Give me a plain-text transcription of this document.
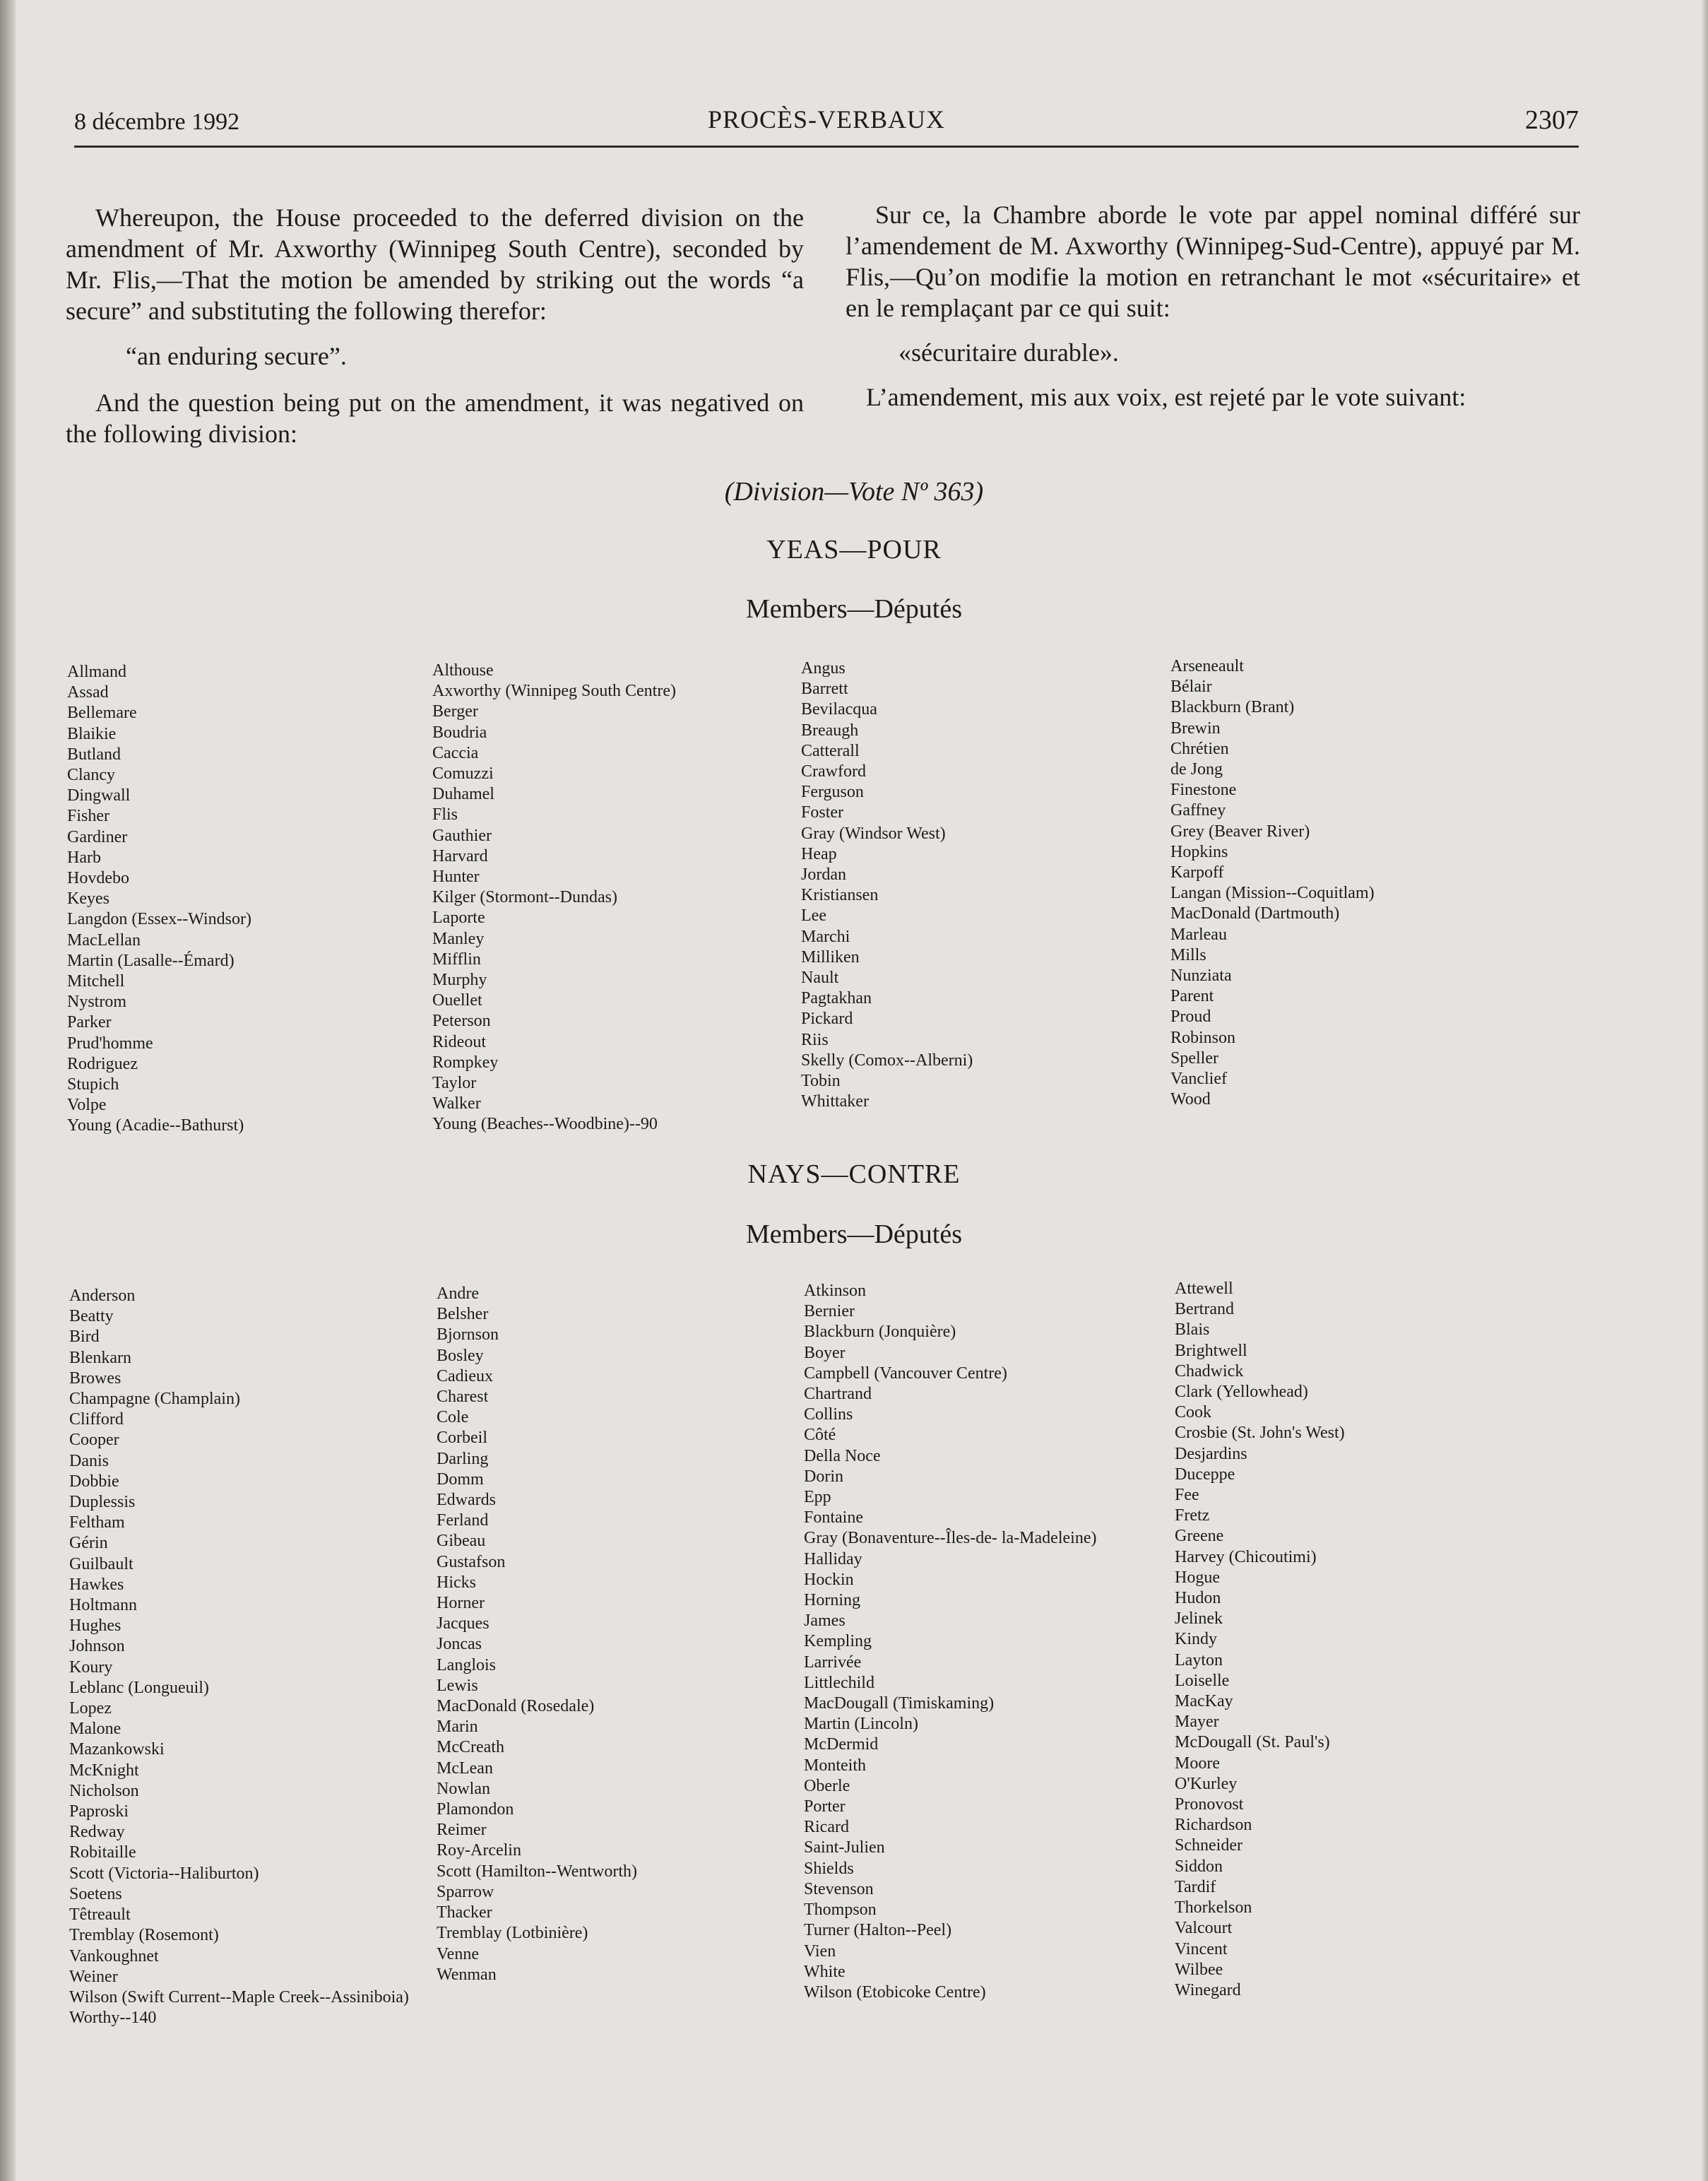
8 décembre 1992	PROCÈS-VERBAUX	2307

Whereupon, the House proceeded to the deferred division on the amendment of Mr. Axworthy (Winnipeg South Centre), seconded by Mr. Flis,—That the motion be amended by striking out the words “a secure” and substituting the following therefor:

“an enduring secure”.
And the question being put on the amendment, it was negatived on the following division:

Sur ce, la Chambre aborde le vote par appel nominal différé sur l’amendement de M. Axworthy (Winnipeg-Sud-Centre), appuyé par M. Flis,—Qu’on modifie la motion en retranchant le mot «sécuritaire» et en le remplaçant par ce qui suit:

«sécuritaire durable».
L’amendement, mis aux voix, est rejeté par le vote suivant:
(Division—Vote Nº 363)
YEAS—POUR
Members—Députés
Allmand
Assad
Bellemare
Blaikie
Butland
Clancy
Dingwall
Fisher
Gardiner
Harb
Hovdebo
Keyes
Langdon (Essex--Windsor)
MacLellan
Martin (Lasalle--Émard)
Mitchell
Nystrom
Parker
Prud'homme
Rodriguez
Stupich
Volpe
Young (Acadie--Bathurst)
Althouse
Axworthy (Winnipeg South Centre)
Berger
Boudria
Caccia
Comuzzi
Duhamel
Flis
Gauthier
Harvard
Hunter
Kilger (Stormont--Dundas)
Laporte
Manley
Mifflin
Murphy
Ouellet
Peterson
Rideout
Rompkey
Taylor
Walker
Young (Beaches--Woodbine)--90
Angus
Barrett
Bevilacqua
Breaugh
Catterall
Crawford
Ferguson
Foster
Gray (Windsor West)
Heap
Jordan
Kristiansen
Lee
Marchi
Milliken
Nault
Pagtakhan
Pickard
Riis
Skelly (Comox--Alberni)
Tobin
Whittaker
Arseneault
Bélair
Blackburn (Brant)
Brewin
Chrétien
de Jong
Finestone
Gaffney
Grey (Beaver River)
Hopkins
Karpoff
Langan (Mission--Coquitlam)
MacDonald (Dartmouth)
Marleau
Mills
Nunziata
Parent
Proud
Robinson
Speller
Vanclief
Wood
NAYS—CONTRE
Members—Députés
Anderson
Beatty
Bird
Blenkarn
Browes
Champagne (Champlain)
Clifford
Cooper
Danis
Dobbie
Duplessis
Feltham
Gérin
Guilbault
Hawkes
Holtmann
Hughes
Johnson
Koury
Leblanc (Longueuil)
Lopez
Malone
Mazankowski
McKnight
Nicholson
Paproski
Redway
Robitaille
Scott (Victoria--Haliburton)
Soetens
Têtreault
Tremblay (Rosemont)
Vankoughnet
Weiner
Wilson (Swift Current--Maple Creek--Assiniboia)
Worthy--140
Andre
Belsher
Bjornson
Bosley
Cadieux
Charest
Cole
Corbeil
Darling
Domm
Edwards
Ferland
Gibeau
Gustafson
Hicks
Horner
Jacques
Joncas
Langlois
Lewis
MacDonald (Rosedale)
Marin
McCreath
McLean
Nowlan
Plamondon
Reimer
Roy-Arcelin
Scott (Hamilton--Wentworth)
Sparrow
Thacker
Tremblay (Lotbinière)
Venne
Wenman
Atkinson
Bernier
Blackburn (Jonquière)
Boyer
Campbell (Vancouver Centre)
Chartrand
Collins
Côté
Della Noce
Dorin
Epp
Fontaine
Gray (Bonaventure--Îles-de- la-Madeleine)
Halliday
Hockin
Horning
James
Kempling
Larrivée
Littlechild
MacDougall (Timiskaming)
Martin (Lincoln)
McDermid
Monteith
Oberle
Porter
Ricard
Saint-Julien
Shields
Stevenson
Thompson
Turner (Halton--Peel)
Vien
White
Wilson (Etobicoke Centre)
Attewell
Bertrand
Blais
Brightwell
Chadwick
Clark (Yellowhead)
Cook
Crosbie (St. John's West)
Desjardins
Duceppe
Fee
Fretz
Greene
Harvey (Chicoutimi)
Hogue
Hudon
Jelinek
Kindy
Layton
Loiselle
MacKay
Mayer
McDougall (St. Paul's)
Moore
O'Kurley
Pronovost
Richardson
Schneider
Siddon
Tardif
Thorkelson
Valcourt
Vincent
Wilbee
Winegard
